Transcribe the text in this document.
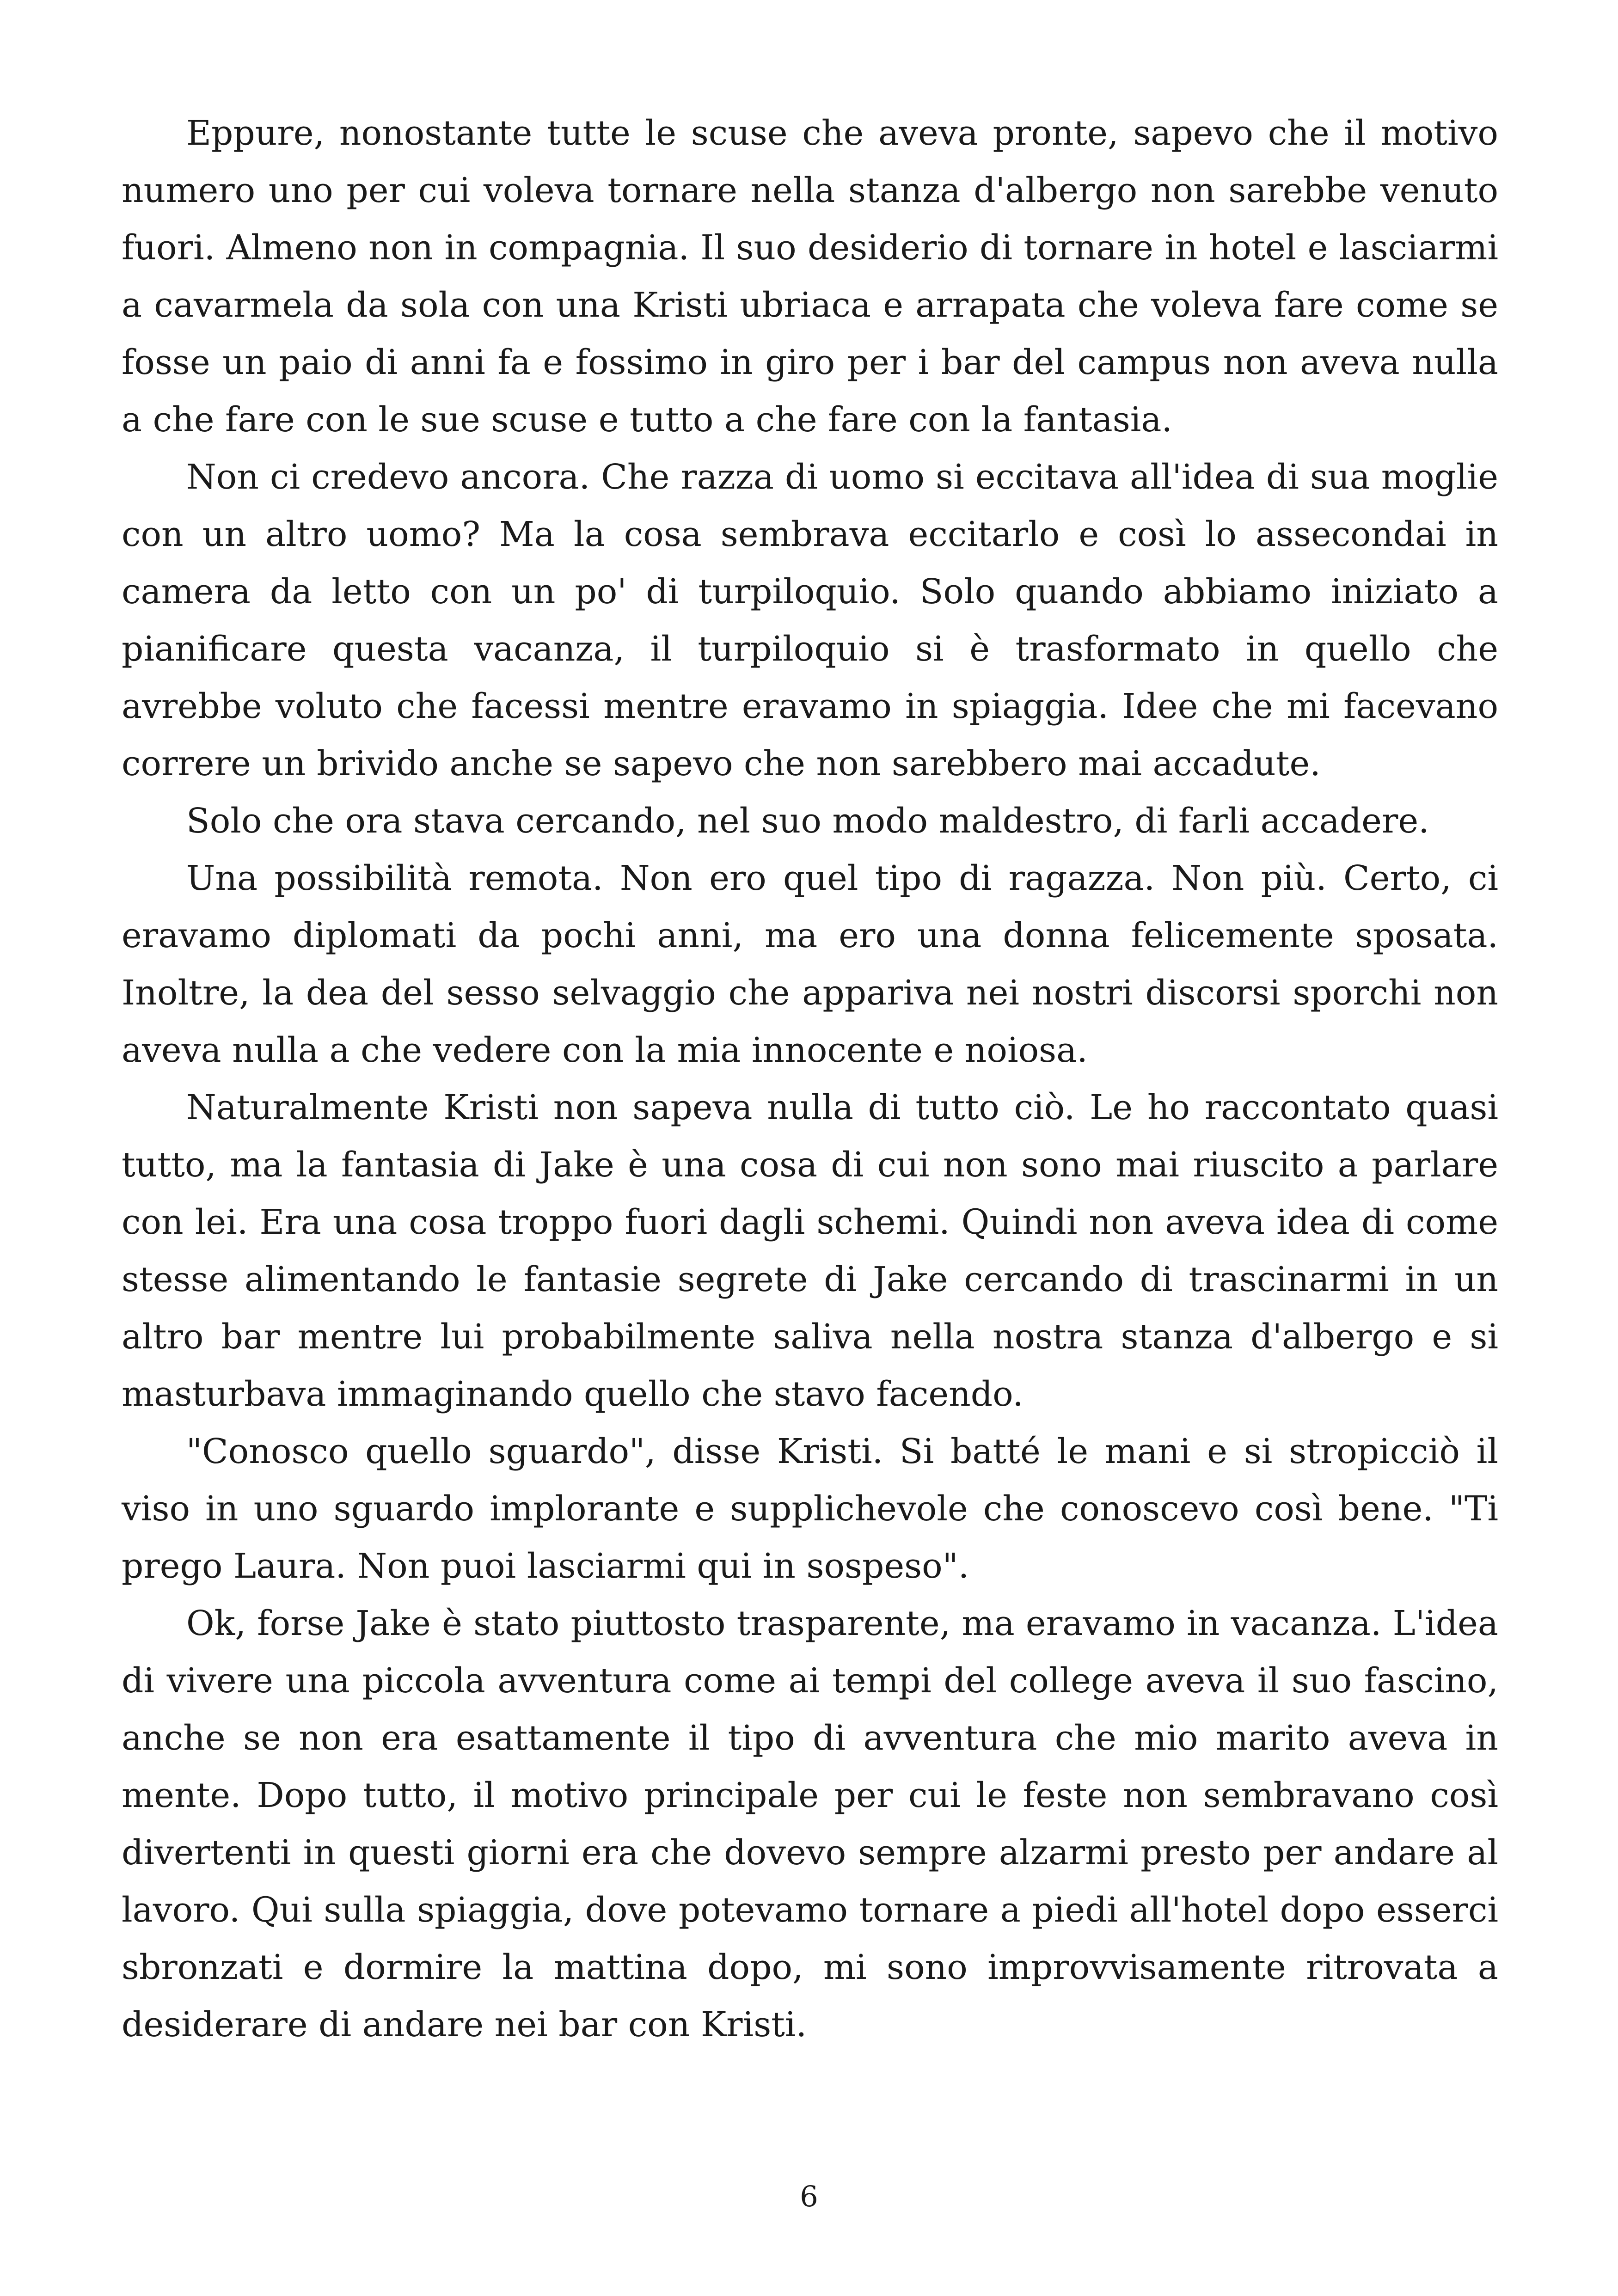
Eppure, nonostante tutte le scuse che aveva pronte, sapevo che il motivo numero uno per cui voleva tornare nella stanza d'albergo non sarebbe venuto fuori. Almeno non in compagnia. Il suo desiderio di tornare in hotel e lasciarmi a cavarmela da sola con una Kristi ubriaca e arrapata che voleva fare come se fosse un paio di anni fa e fossimo in giro per i bar del campus non aveva nulla a che fare con le sue scuse e tutto a che fare con la fantasia.

Non ci credevo ancora. Che razza di uomo si eccitava all'idea di sua moglie con un altro uomo? Ma la cosa sembrava eccitarlo e così lo assecondai in camera da letto con un po' di turpiloquio. Solo quando abbiamo iniziato a pianificare questa vacanza, il turpiloquio si è trasformato in quello che avrebbe voluto che facessi mentre eravamo in spiaggia. Idee che mi facevano correre un brivido anche se sapevo che non sarebbero mai accadute.

Solo che ora stava cercando, nel suo modo maldestro, di farli accadere.

Una possibilità remota. Non ero quel tipo di ragazza. Non più. Certo, ci eravamo diplomati da pochi anni, ma ero una donna felicemente sposata. Inoltre, la dea del sesso selvaggio che appariva nei nostri discorsi sporchi non aveva nulla a che vedere con la mia innocente e noiosa.

Naturalmente Kristi non sapeva nulla di tutto ciò. Le ho raccontato quasi tutto, ma la fantasia di Jake è una cosa di cui non sono mai riuscito a parlare con lei. Era una cosa troppo fuori dagli schemi. Quindi non aveva idea di come stesse alimentando le fantasie segrete di Jake cercando di trascinarmi in un altro bar mentre lui probabilmente saliva nella nostra stanza d'albergo e si masturbava immaginando quello che stavo facendo.

"Conosco quello sguardo", disse Kristi. Si batté le mani e si stropicciò il viso in uno sguardo implorante e supplichevole che conoscevo così bene. "Ti prego Laura. Non puoi lasciarmi qui in sospeso".

Ok, forse Jake è stato piuttosto trasparente, ma eravamo in vacanza. L'idea di vivere una piccola avventura come ai tempi del college aveva il suo fascino, anche se non era esattamente il tipo di avventura che mio marito aveva in mente. Dopo tutto, il motivo principale per cui le feste non sembravano così divertenti in questi giorni era che dovevo sempre alzarmi presto per andare al lavoro. Qui sulla spiaggia, dove potevamo tornare a piedi all'hotel dopo esserci sbronzati e dormire la mattina dopo, mi sono improvvisamente ritrovata a desiderare di andare nei bar con Kristi.

6
